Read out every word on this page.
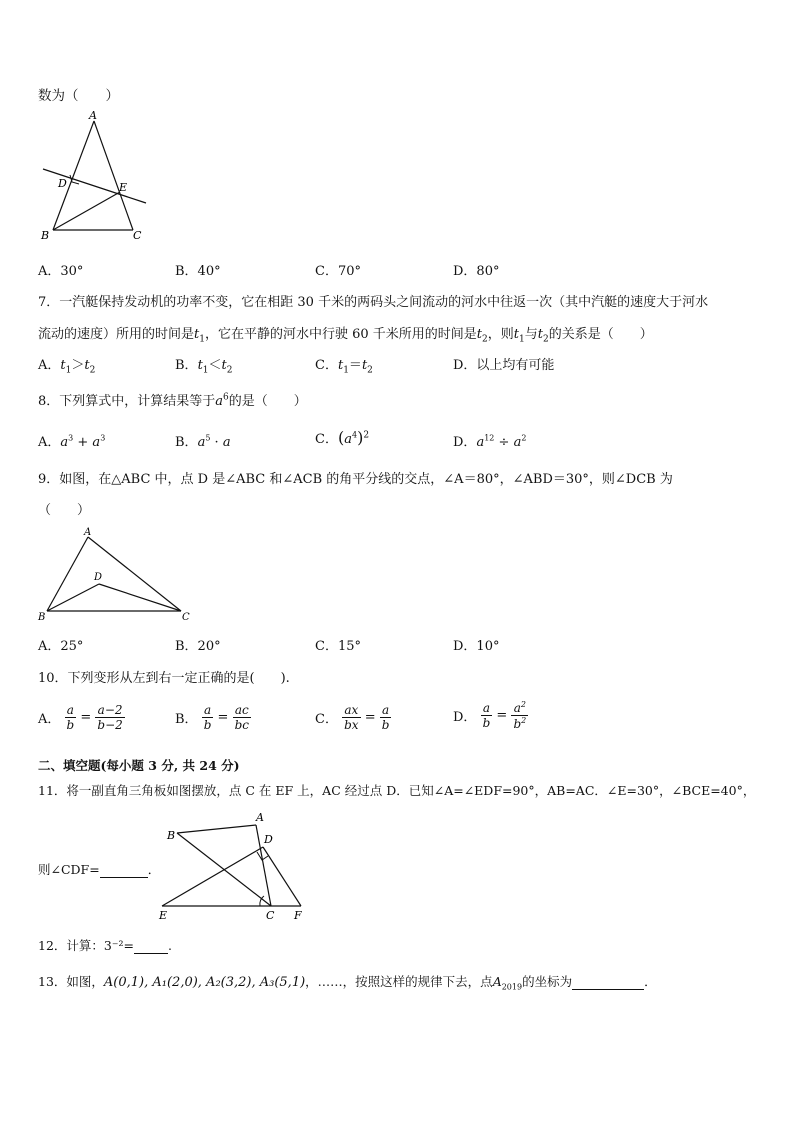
数为（　　）
A
D	E
B	C
A．30°	B．40°	C．70°	D．80°
7．一汽艇保持发动机的功率不变，它在相距 30 千米的两码头之间流动的河水中往返一次（其中汽艇的速度大于河水
流动的速度）所用的时间是$t_1$，它在平静的河水中行驶 60 千米所用的时间是$t_2$，则$t_1$与$t_2$的关系是（　　）
A．$t_1>t_2$	B．$t_1<t_2$	C．$t_1=t_2$	D．以上均有可能
8．下列算式中，计算结果等于$a^6$的是（　　）
A．$a^3 + a^3$	B．$a^5 \cdot a$	C．$(a^4)^2$	D．$a^{12} \div a^2$
9．如图，在△ABC 中，点 D 是∠ABC 和∠ACB 的角平分线的交点，∠A＝80°，∠ABD＝30°，则∠DCB 为
（　　）
A
D
B	C
A．25°	B．20°	C．15°	D．10°
10．下列变形从左到右一定正确的是(　　).
A． $\frac{a}{b} = \frac{a-2}{b-2}$	B． $\frac{a}{b} = \frac{ac}{bc}$	C． $\frac{ax}{bx} = \frac{a}{b}$	D． $\frac{a}{b} = \frac{a^2}{b^2}$
二、填空题(每小题 3 分, 共 24 分)
11．将一副直角三角板如图摆放，点 C 在 EF 上，AC 经过点 D．已知∠A=∠EDF=90°，AB=AC．∠E=30°，∠BCE=40°，
B
A
D
E	C F
则∠CDF=	．
12．计算：3⁻²=	.
13．如图，A(0,1), A₁(2,0), A₂(3,2), A₃(5,1)，……，按照这样的规律下去，点$A_{2019}$的坐标为	．
